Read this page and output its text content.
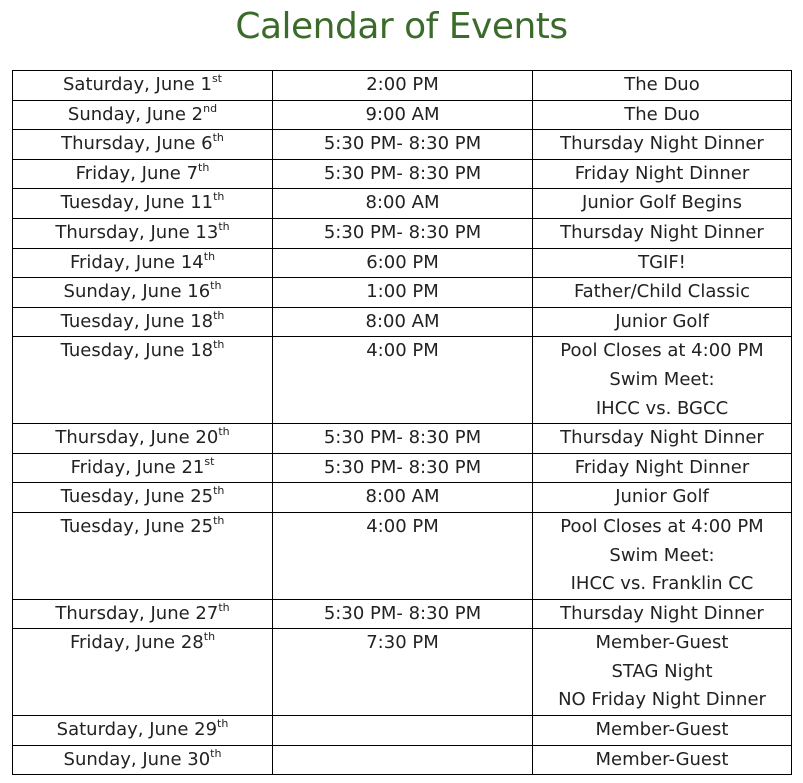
Calendar of Events
Saturday, June 1st	2:00 PM	The Duo

Sunday, June 2nd	9:00 AM	The Duo

Thursday, June 6th	5:30 PM- 8:30 PM	Thursday Night Dinner

Friday, June 7th	5:30 PM- 8:30 PM	Friday Night Dinner

Tuesday, June 11th	8:00 AM	Junior Golf Begins

Thursday, June 13th	5:30 PM- 8:30 PM	Thursday Night Dinner

Friday, June 14th	6:00 PM	TGIF!

Sunday, June 16th	1:00 PM	Father/Child Classic

Tuesday, June 18th	8:00 AM	Junior Golf

Tuesday, June 18th	4:00 PM	Pool Closes at 4:00 PM
Swim Meet:
IHCC vs. BGCC

Thursday, June 20th	5:30 PM- 8:30 PM	Thursday Night Dinner

Friday, June 21st	5:30 PM- 8:30 PM	Friday Night Dinner

Tuesday, June 25th	8:00 AM	Junior Golf

Tuesday, June 25th	4:00 PM	Pool Closes at 4:00 PM
Swim Meet:
IHCC vs. Franklin CC

Thursday, June 27th	5:30 PM- 8:30 PM	Thursday Night Dinner

Friday, June 28th	7:30 PM	Member-Guest
STAG Night
NO Friday Night Dinner

Saturday, June 29th		Member-Guest

Sunday, June 30th		Member-Guest
